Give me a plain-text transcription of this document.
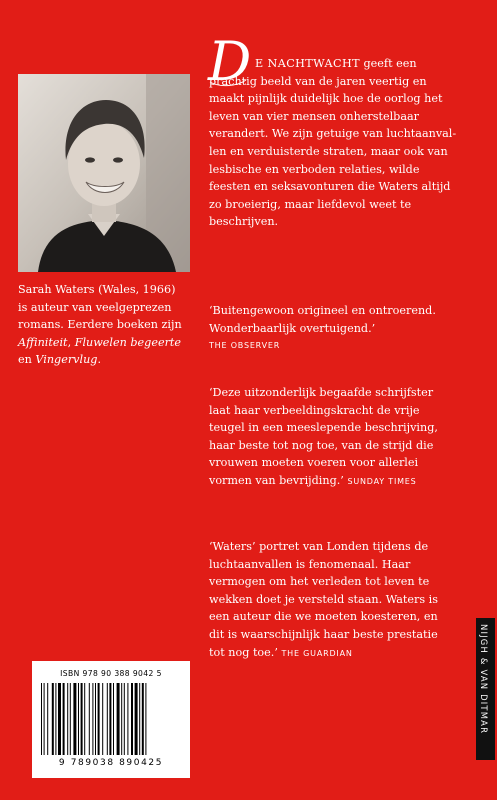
Sarah Waters (Wales, 1966)
is auteur van veelgeprezen
romans. Eerdere boeken zijn
Affiniteit, Fluwelen begeerte
en Vingervlug.
D E NACHTWACHT geeft een
prachtig beeld van de jaren veertig en
maakt pijnlijk duidelijk hoe de oorlog het
leven van vier mensen onherstelbaar
verandert. We zijn getuige van luchtaanval-
len en verduisterde straten, maar ook van
lesbische en verboden relaties, wilde
feesten en seksavonturen die Waters altijd
zo broeierig, maar liefdevol weet te
beschrijven.
‘Buitengewoon origineel en ontroerend.
Wonderbaarlijk overtuigend.’
THE OBSERVER
‘Deze uitzonderlijk begaafde schrijfster
laat haar verbeeldingskracht de vrije
teugel in een meeslepende beschrijving,
haar beste tot nog toe, van de strijd die
vrouwen moeten voeren voor allerlei
vormen van bevrijding.’ SUNDAY TIMES
‘Waters’ portret van Londen tijdens de
luchtaanvallen is fenomenaal. Haar
vermogen om het verleden tot leven te
wekken doet je versteld staan. Waters is
een auteur die we moeten koesteren, en
dit is waarschijnlijk haar beste prestatie
tot nog toe.’ THE GUARDIAN
ISBN 978 90 388 9042 5
9 789038 890425
NIJGH & VAN DITMAR
